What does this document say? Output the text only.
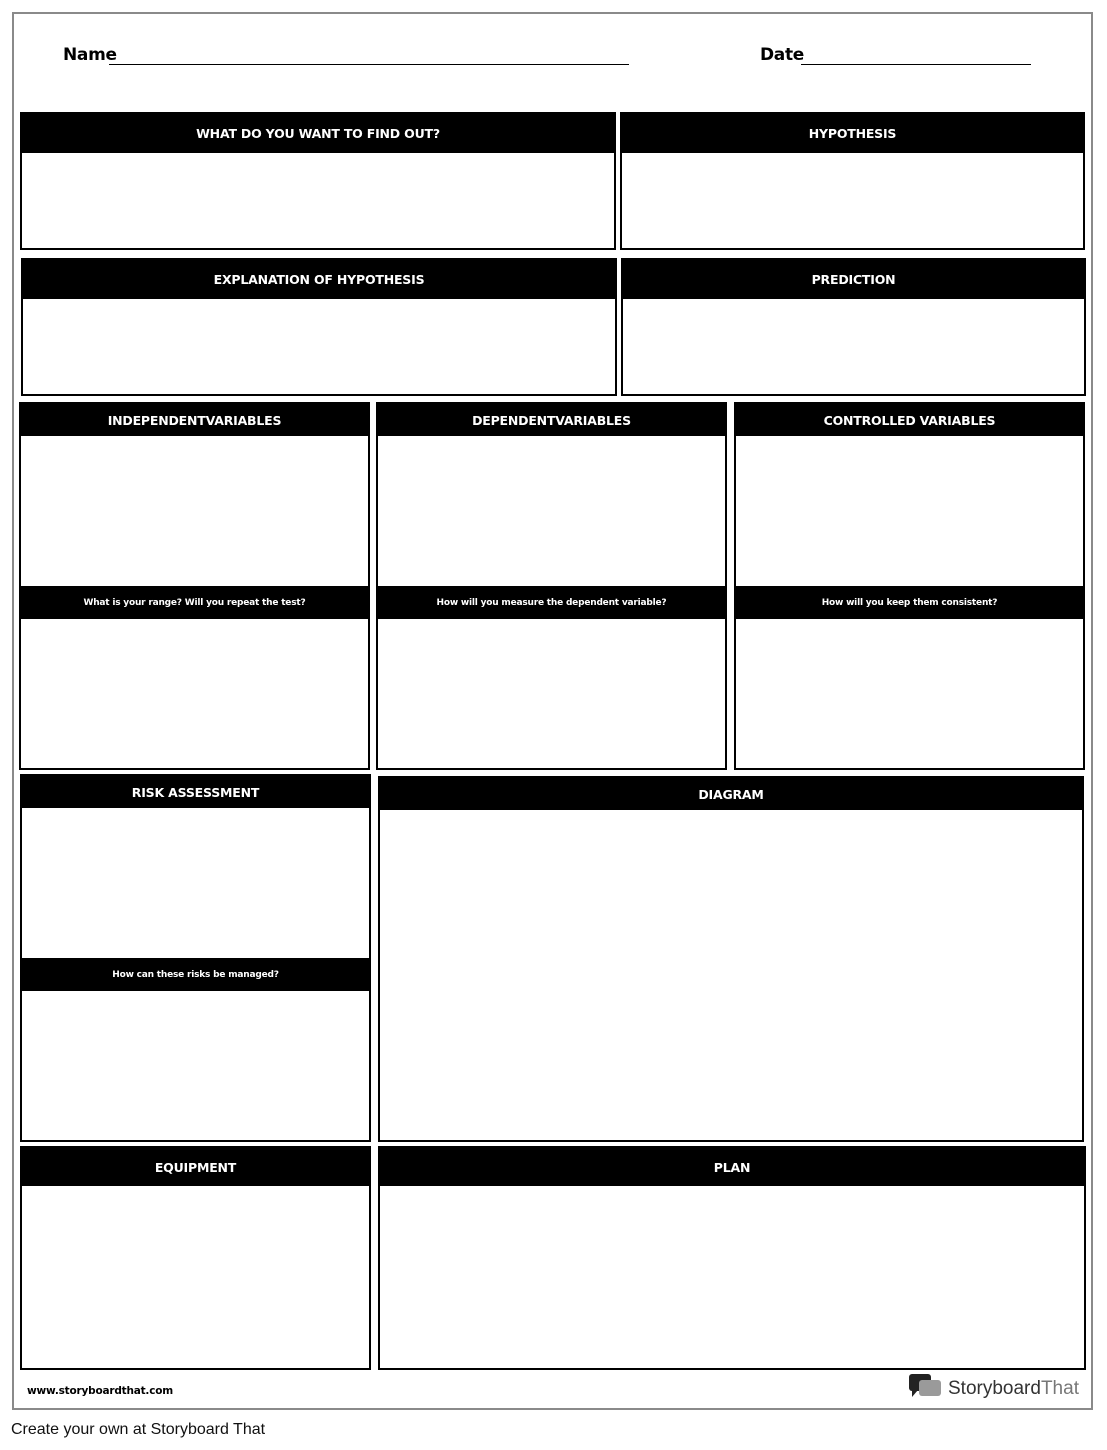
Name	Date
WHAT DO YOU WANT TO FIND OUT?	HYPOTHESIS
EXPLANATION OF HYPOTHESIS	PREDICTION
INDEPENDENTVARIABLES
What is your range? Will you repeat the test?
DEPENDENTVARIABLES
How will you measure the dependent variable?
CONTROLLED VARIABLES
How will you keep them consistent?
RISK ASSESSMENT
How can these risks be managed?
DIAGRAM
EQUIPMENT	PLAN
www.storyboardthat.com	StoryboardThat
Create your own at Storyboard That
